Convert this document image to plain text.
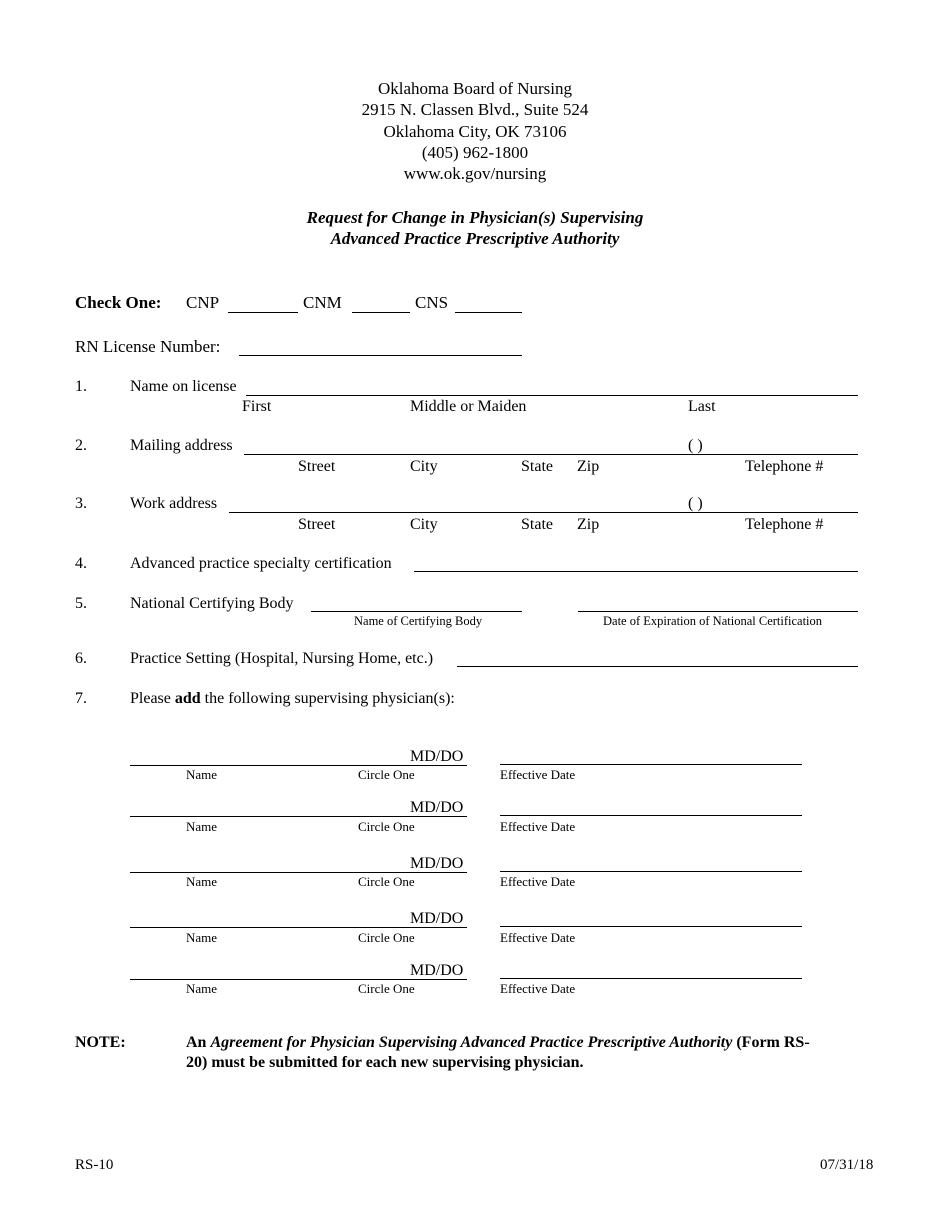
Oklahoma Board of Nursing
2915 N. Classen Blvd., Suite 524
Oklahoma City, OK 73106
(405) 962-1800
www.ok.gov/nursing
Request for Change in Physician(s) Supervising
Advanced Practice Prescriptive Authority
Check One: CNP	CNM	CNS
RN License Number:
1.	Name on license
First	Middle or Maiden	Last
2.	Mailing address	( )
Street	City	State Zip	Telephone #
3.	Work address	( )
Street	City	State Zip	Telephone #
4.	Advanced practice specialty certification
5.	National Certifying Body
Name of Certifying Body	Date of Expiration of National Certification
6.	Practice Setting (Hospital, Nursing Home, etc.)
7.	Please add the following supervising physician(s):
MD/DO
Name	Circle One	Effective Date
MD/DO
Name	Circle One	Effective Date
MD/DO
Name	Circle One	Effective Date
MD/DO
Name	Circle One	Effective Date
MD/DO
Name	Circle One	Effective Date
NOTE:	An Agreement for Physician Supervising Advanced Practice Prescriptive Authority (Form RS-
20) must be submitted for each new supervising physician.
RS-10	07/31/18
